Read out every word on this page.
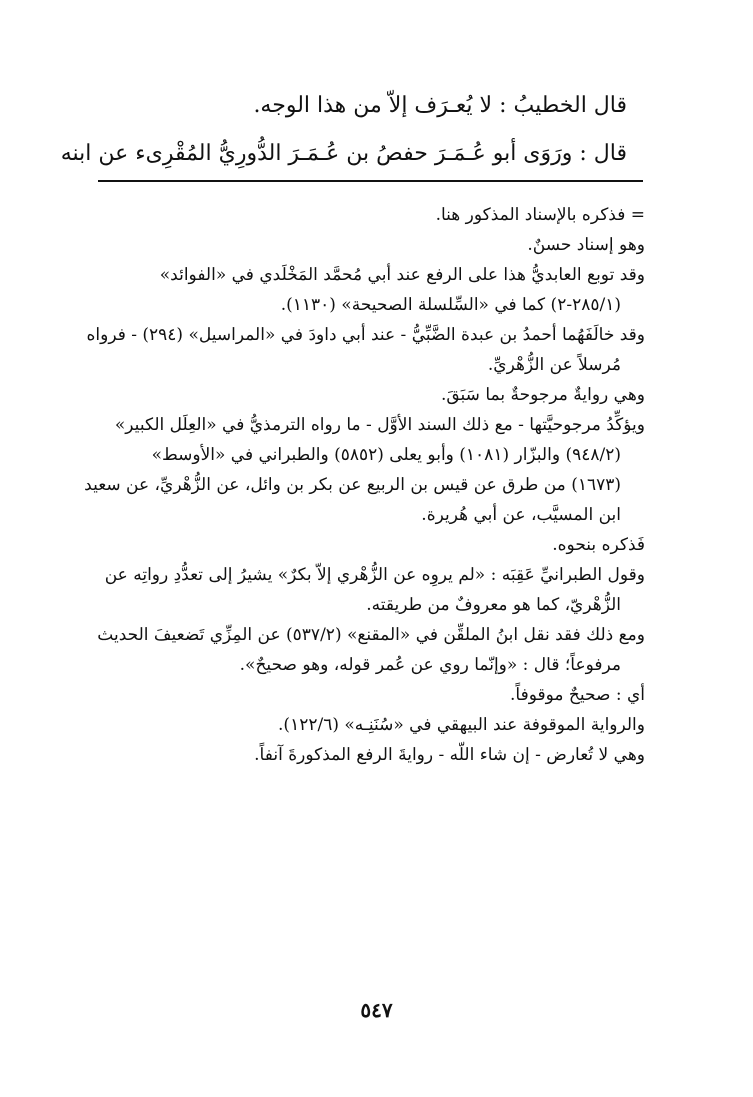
قال الخطيبُ : لا يُعـرَف إلاّ من هذا الوجه.
قال : ورَوَى أبو عُـمَـرَ حفصُ بن عُـمَـرَ الدُّورِيُّ المُقْرِىء عن ابنه
= فذكره بالإسناد المذكور هنا.
وهو إسناد حسنٌ.
وقد توبع العابديُّ هذا على الرفع عند أبي مُحمَّد المَخْلَدي في «الفوائد»
(٢٨٥/١-٢) كما في «السِّلسلة الصحيحة» (١١٣٠).
وقد خالَفَهُما أحمدُ بن عبدة الضَّبِّيُّ - عند أبي داودَ في «المراسيل» (٢٩٤) - فرواه
مُرسلاً عن الزُّهْريِّ.
وهي روايةٌ مرجوحةٌ بما سَبَقَ.
ويؤكِّدُ مرجوحيَّتها - مع ذلك السند الأوَّل - ما رواه الترمذيُّ في «العِلَل الكبير»
(٩٤٨/٢) والبزّار (١٠٨١) وأبو يعلى (٥٨٥٢) والطبراني في «الأوسط»
(١٦٧٣) من طرق عن قيس بن الربيع عن بكر بن وائل، عن الزُّهْريِّ، عن سعيد
ابن المسيَّب، عن أبي هُريرة.
فَذكره بنحوه.
وقول الطبرانيِّ عَقِبَه : «لم يروِه عن الزُّهْري إلاّ بكرٌ» يشيرُ إلى تعدُّدِ رواتِه عن
الزُّهْريّ، كما هو معروفٌ من طريقته.
ومع ذلك فقد نقل ابنُ الملقِّن في «المقنع» (٥٣٧/٢) عن المِزِّي تَضعيفَ الحديث
مرفوعاً؛ قال : «وإنّما روي عن عُمر قوله، وهو صحيحٌ».
أي : صحيحٌ موقوفاً.
والرواية الموقوفة عند البيهقي في «سُنَنِـه» (١٢٢/٦).
وهي لا تُعارض - إن شاء اللّه - روايةَ الرفع المذكورةَ آنفاً.
٥٤٧
